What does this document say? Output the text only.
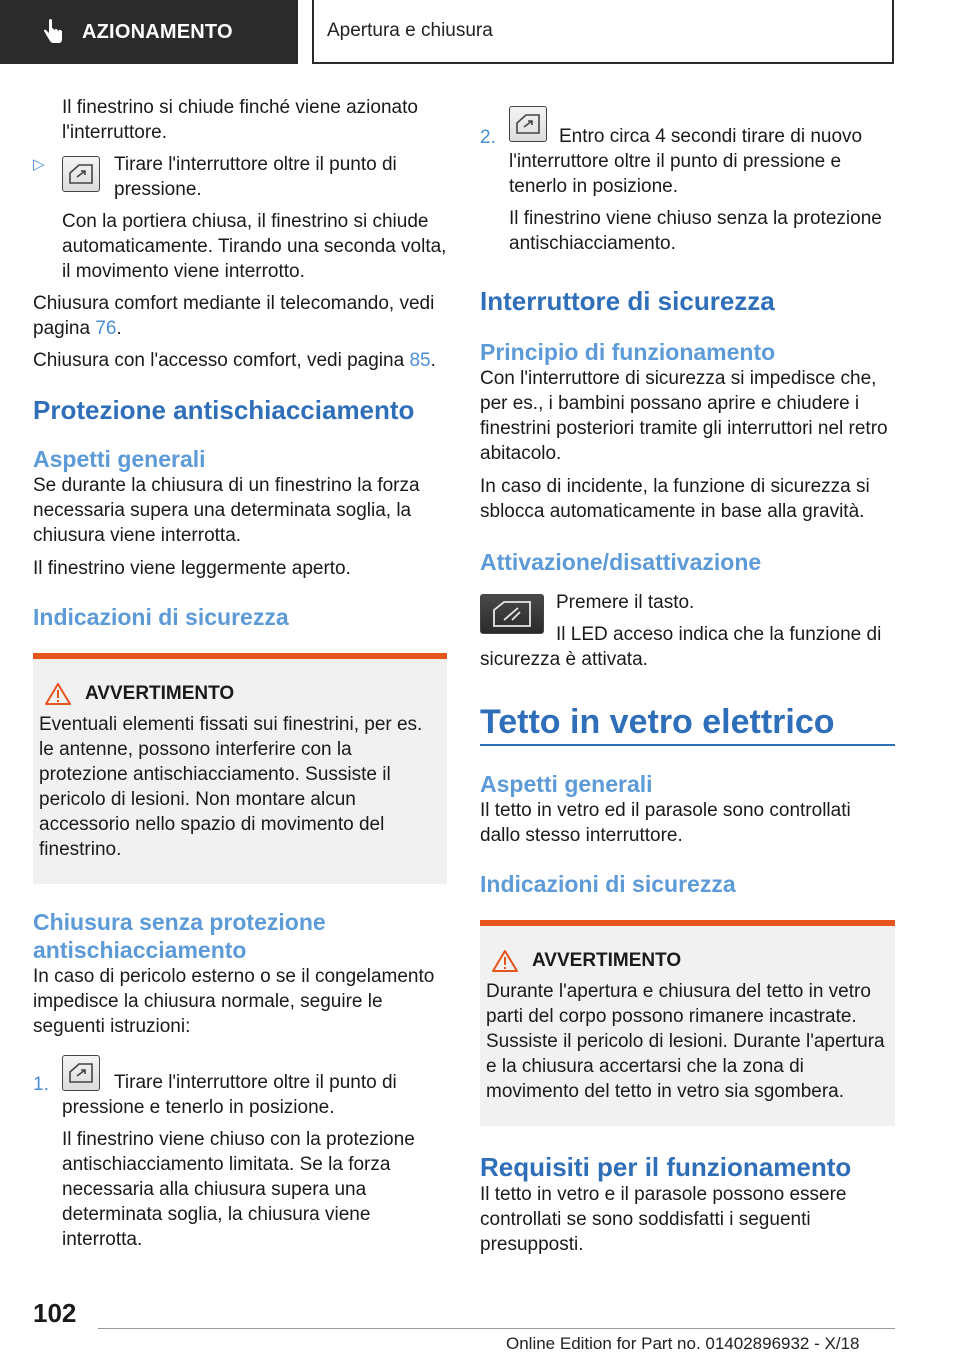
AZIONAMENTO	Apertura e chiusura

Il finestrino si chiude finché viene azionato l'interruttore.

▷	Tirare l'interruttore oltre il punto di pressione.

Con la portiera chiusa, il finestrino si chiude automaticamente. Tirando una seconda volta, il movimento viene interrotto.

Chiusura comfort mediante il telecomando, vedi pagina 76.

Chiusura con l'accesso comfort, vedi pagina 85.

Protezione antischiacciamento
Aspetti generali

Se durante la chiusura di un finestrino la forza necessaria supera una determinata soglia, la chiusura viene interrotta.

Il finestrino viene leggermente aperto.

Indicazioni di sicurezza
AVVERTIMENTO

Eventuali elementi fissati sui finestrini, per es. le antenne, possono interferire con la protezione antischiacciamento. Sussiste il pericolo di lesioni. Non montare alcun accessorio nello spazio di movimento del finestrino.

Chiusura senza protezione antischiacciamento

In caso di pericolo esterno o se il congelamento impedisce la chiusura normale, seguire le seguenti istruzioni:

1.	Tirare l'interruttore oltre il punto di pressione e tenerlo in posizione.

Il finestrino viene chiuso con la protezione antischiacciamento limitata. Se la forza necessaria alla chiusura supera una determinata soglia, la chiusura viene interrotta.

2.	Entro circa 4 secondi tirare di nuovo l'interruttore oltre il punto di pressione e tenerlo in posizione.

Il finestrino viene chiuso senza la protezione antischiacciamento.

Interruttore di sicurezza
Principio di funzionamento

Con l'interruttore di sicurezza si impedisce che, per es., i bambini possano aprire e chiudere i finestrini posteriori tramite gli interruttori nel retro abitacolo.

In caso di incidente, la funzione di sicurezza si sblocca automaticamente in base alla gravità.

Attivazione/disattivazione

Premere il tasto.

Il LED acceso indica che la funzione di sicurezza è attivata.

Tetto in vetro elettrico
Aspetti generali

Il tetto in vetro ed il parasole sono controllati dallo stesso interruttore.

Indicazioni di sicurezza
AVVERTIMENTO

Durante l'apertura e chiusura del tetto in vetro parti del corpo possono rimanere incastrate. Sussiste il pericolo di lesioni. Durante l'apertura e la chiusura accertarsi che la zona di movimento del tetto in vetro sia sgombera.

Requisiti per il funzionamento

Il tetto in vetro e il parasole possono essere controllati se sono soddisfatti i seguenti presupposti.

102
Online Edition for Part no. 01402896932 - X/18
